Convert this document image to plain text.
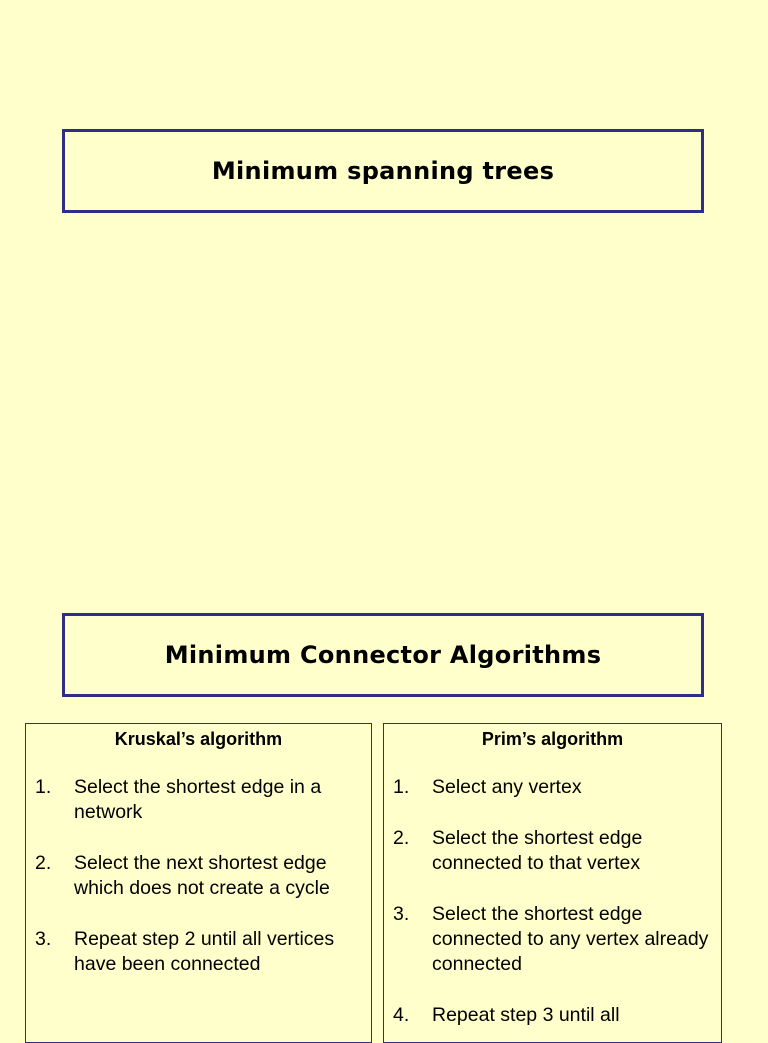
Minimum spanning trees
Minimum Connector Algorithms
Kruskal’s algorithm
1. Select the shortest edge in a network
2. Select the next shortest edge which does not create a cycle
3. Repeat step 2 until all vertices have been connected
Prim’s algorithm
1. Select any vertex
2. Select the shortest edge connected to that vertex
3. Select the shortest edge connected to any vertex already connected
4. Repeat step 3 until all
